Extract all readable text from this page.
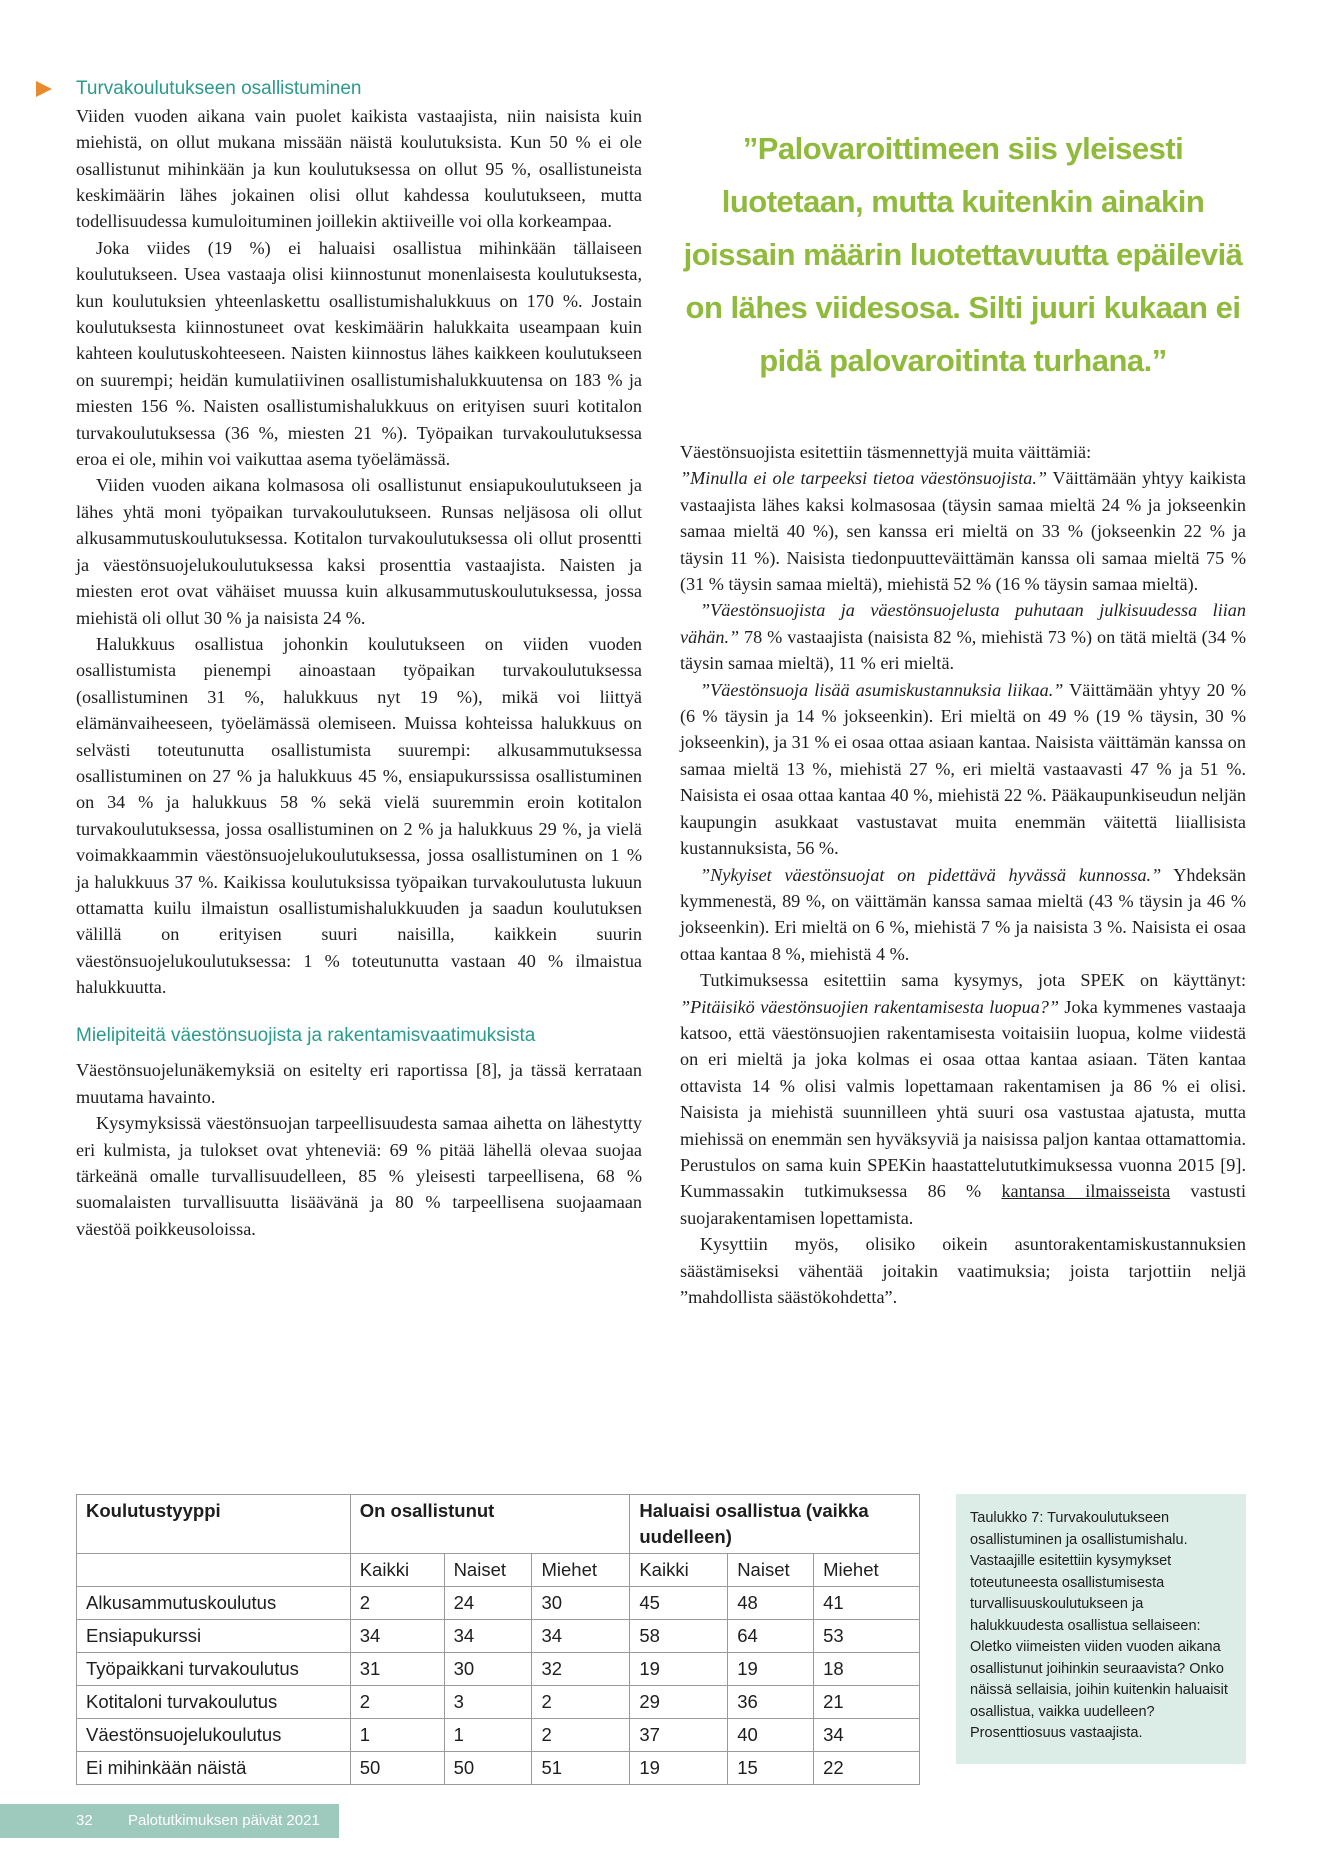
Turvakoulutukseen osallistuminen

Viiden vuoden aikana vain puolet kaikista vastaajista, niin naisista kuin miehistä, on ollut mukana missään näistä koulutuksista. Kun 50 % ei ole osallistunut mihinkään ja kun koulutuksessa on ollut 95 %, osallistuneista keskimäärin lähes jokainen olisi ollut kahdessa koulutukseen, mutta todellisuudessa kumuloituminen joillekin aktiiveille voi olla korkeampaa.

Joka viides (19 %) ei haluaisi osallistua mihinkään tällaiseen koulutukseen. Usea vastaaja olisi kiinnostunut monenlaisesta koulutuksesta, kun koulutuksien yhteenlaskettu osallistumishalukkuus on 170 %. Jostain koulutuksesta kiinnostuneet ovat keskimäärin halukkaita useampaan kuin kahteen koulutuskohteeseen. Naisten kiinnostus lähes kaikkeen koulutukseen on suurempi; heidän kumulatiivinen osallistumishalukkuutensa on 183 % ja miesten 156 %. Naisten osallistumishalukkuus on erityisen suuri kotitalon turvakoulutuksessa (36 %, miesten 21 %). Työpaikan turvakoulutuksessa eroa ei ole, mihin voi vaikuttaa asema työelämässä.

Viiden vuoden aikana kolmasosa oli osallistunut ensiapukoulutukseen ja lähes yhtä moni työpaikan turvakoulutukseen. Runsas neljäsosa oli ollut alkusammutuskoulutuksessa. Kotitalon turvakoulutuksessa oli ollut prosentti ja väestönsuojelukoulutuksessa kaksi prosenttia vastaajista. Naisten ja miesten erot ovat vähäiset muussa kuin alkusammutuskoulutuksessa, jossa miehistä oli ollut 30 % ja naisista 24 %.

Halukkuus osallistua johonkin koulutukseen on viiden vuoden osallistumista pienempi ainoastaan työpaikan turvakoulutuksessa (osallistuminen 31 %, halukkuus nyt 19 %), mikä voi liittyä elämänvaiheeseen, työelämässä olemiseen. Muissa kohteissa halukkuus on selvästi toteutunutta osallistumista suurempi: alkusammutuksessa osallistuminen on 27 % ja halukkuus 45 %, ensiapukurssissa osallistuminen on 34 % ja halukkuus 58 % sekä vielä suuremmin eroin kotitalon turvakoulutuksessa, jossa osallistuminen on 2 % ja halukkuus 29 %, ja vielä voimakkaammin väestönsuojelukoulutuksessa, jossa osallistuminen on 1 % ja halukkuus 37 %. Kaikissa koulutuksissa työpaikan turvakoulutusta lukuun ottamatta kuilu ilmaistun osallistumishalukkuuden ja saadun koulutuksen välillä on erityisen suuri naisilla, kaikkein suurin väestönsuojelukoulutuksessa: 1 % toteutunutta vastaan 40 % ilmaistua halukkuutta.

Mielipiteitä väestönsuojista ja rakentamisvaatimuksista

Väestönsuojelunäkemyksiä on esitelty eri raportissa [8], ja tässä kerrataan muutama havainto.

Kysymyksissä väestönsuojan tarpeellisuudesta samaa aihetta on lähestytty eri kulmista, ja tulokset ovat yhteneviä: 69 % pitää lähellä olevaa suojaa tärkeänä omalle turvallisuudelleen, 85 % yleisesti tarpeellisena, 68 % suomalaisten turvallisuutta lisäävänä ja 80 % tarpeellisena suojaamaan väestöä poikkeusoloissa.

”Palovaroittimeen siis yleisesti luotetaan, mutta kuitenkin ainakin joissain määrin luotettavuutta epäileviä on lähes viidesosa. Silti juuri kukaan ei pidä palovaroitinta turhana.”

Väestönsuojista esitettiin täsmennettyjä muita väittämiä:
”Minulla ei ole tarpeeksi tietoa väestönsuojista.” Väittämään yhtyy kaikista vastaajista lähes kaksi kolmasosaa (täysin samaa mieltä 24 % ja jokseenkin samaa mieltä 40 %), sen kanssa eri mieltä on 33 % (jokseenkin 22 % ja täysin 11 %). Naisista tiedonpuutteväittämän kanssa oli samaa mieltä 75 % (31 % täysin samaa mieltä), miehistä 52 % (16 % täysin samaa mieltä).

”Väestönsuojista ja väestönsuojelusta puhutaan julkisuudessa liian vähän.” 78 % vastaajista (naisista 82 %, miehistä 73 %) on tätä mieltä (34 % täysin samaa mieltä), 11 % eri mieltä.

”Väestönsuoja lisää asumiskustannuksia liikaa.” Väittämään yhtyy 20 % (6 % täysin ja 14 % jokseenkin). Eri mieltä on 49 % (19 % täysin, 30 % jokseenkin), ja 31 % ei osaa ottaa asiaan kantaa. Naisista väittämän kanssa on samaa mieltä 13 %, miehistä 27 %, eri mieltä vastaavasti 47 % ja 51 %. Naisista ei osaa ottaa kantaa 40 %, miehistä 22 %. Pääkaupunkiseudun neljän kaupungin asukkaat vastustavat muita enemmän väitettä liiallisista kustannuksista, 56 %.

”Nykyiset väestönsuojat on pidettävä hyvässä kunnossa.” Yhdeksän kymmenestä, 89 %, on väittämän kanssa samaa mieltä (43 % täysin ja 46 % jokseenkin). Eri mieltä on 6 %, miehistä 7 % ja naisista 3 %. Naisista ei osaa ottaa kantaa 8 %, miehistä 4 %.

Tutkimuksessa esitettiin sama kysymys, jota SPEK on käyttänyt: ”Pitäisikö väestönsuojien rakentamisesta luopua?” Joka kymmenes vastaaja katsoo, että väestönsuojien rakentamisesta voitaisiin luopua, kolme viidestä on eri mieltä ja joka kolmas ei osaa ottaa kantaa asiaan. Täten kantaa ottavista 14 % olisi valmis lopettamaan rakentamisen ja 86 % ei olisi. Naisista ja miehistä suunnilleen yhtä suuri osa vastustaa ajatusta, mutta miehissä on enemmän sen hyväksyviä ja naisissa paljon kantaa ottamattomia. Perustulos on sama kuin SPEKin haastattelututkimuksessa vuonna 2015 [9]. Kummassakin tutkimuksessa 86 % kantansa ilmaisseista vastusti suojarakentamisen lopettamista.

Kysyttiin myös, olisiko oikein asuntorakentamiskustannuksien säästämiseksi vähentää joitakin vaatimuksia; joista tarjottiin neljä ”mahdollista säästökohdetta”.

Koulutustyyppi	On osallistunut			Haluaisi osallistua (vaikka uudelleen)		
	Kaikki	Naiset	Miehet	Kaikki	Naiset	Miehet
Alkusammutuskoulutus	2	24	30	45	48	41
Ensiapukurssi	34	34	34	58	64	53
Työpaikkani turvakoulutus	31	30	32	19	19	18
Kotitaloni turvakoulutus	2	3	2	29	36	21
Väestönsuojelukoulutus	1	1	2	37	40	34
Ei mihinkään näistä	50	50	51	19	15	22
Taulukko 7: Turvakoulutukseen osallistuminen ja osallistumishalu. Vastaajille esitettiin kysymykset toteutuneesta osallistumisesta turvallisuuskoulutukseen ja halukkuudesta osallistua sellaiseen: Oletko viimeisten viiden vuoden aikana osallistunut joihinkin seuraavista? Onko näissä sellaisia, joihin kuitenkin haluaisit osallistua, vaikka uudelleen? Prosenttiosuus vastaajista.
32 Palotutkimuksen päivät 2021
